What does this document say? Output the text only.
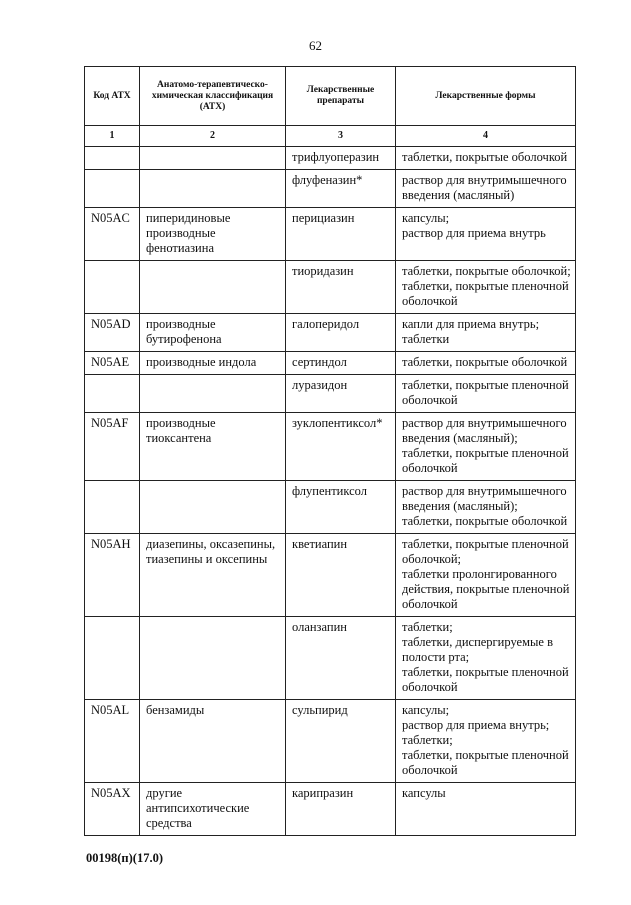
62
Код АТХ	Анатомо-терапевтическо-химическая классификация (АТХ)	Лекарственные препараты	Лекарственные формы
1	2	3	4
		трифлуоперазин	таблетки, покрытые оболочкой
		флуфеназин*	раствор для внутримышечного введения (масляный)
N05AC	пиперидиновые производные фенотиазина	перициазин	капсулы;
раствор для приема внутрь
		тиоридазин	таблетки, покрытые оболочкой;
таблетки, покрытые пленочной оболочкой
N05AD	производные бутирофенона	галоперидол	капли для приема внутрь;
таблетки
N05AE	производные индола	сертиндол	таблетки, покрытые оболочкой
		луразидон	таблетки, покрытые пленочной оболочкой
N05AF	производные тиоксантена	зуклопентиксол*	раствор для внутримышечного введения (масляный);
таблетки, покрытые пленочной оболочкой
		флупентиксол	раствор для внутримышечного введения (масляный);
таблетки, покрытые оболочкой
N05AH	диазепины, оксазепины, тиазепины и оксепины	кветиапин	таблетки, покрытые пленочной оболочкой;
таблетки пролонгированного действия, покрытые пленочной оболочкой
		оланзапин	таблетки;
таблетки, диспергируемые в полости рта;
таблетки, покрытые пленочной оболочкой
N05AL	бензамиды	сульпирид	капсулы;
раствор для приема внутрь;
таблетки;
таблетки, покрытые пленочной оболочкой
N05AX	другие антипсихотические средства	карипразин	капсулы
00198(п)(17.0)
